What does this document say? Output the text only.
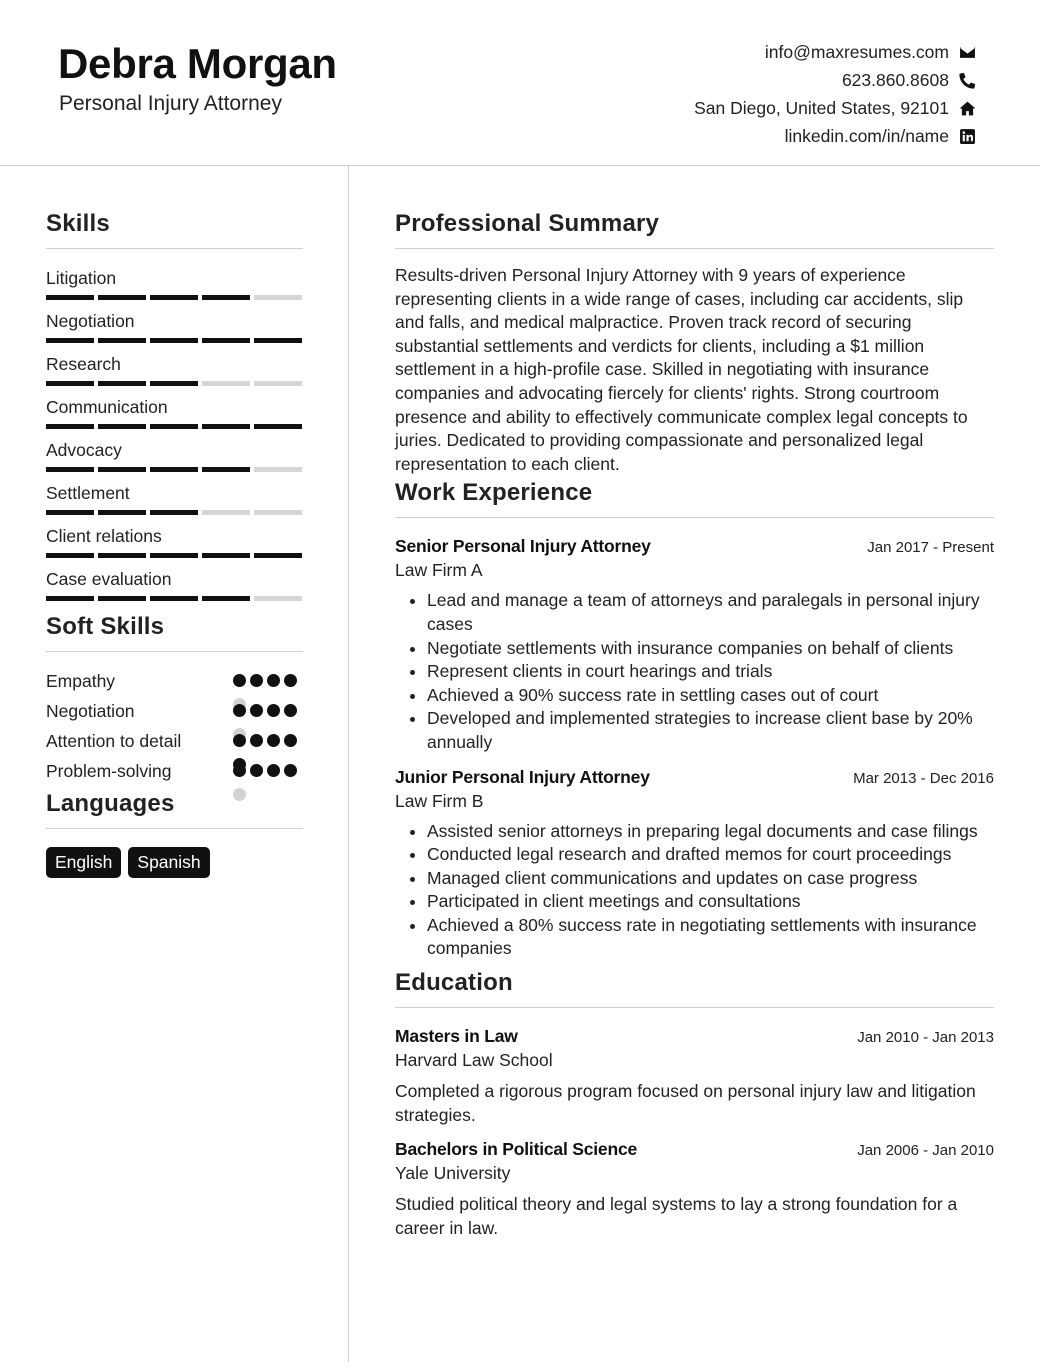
Debra Morgan
Personal Injury Attorney
info@maxresumes.com
623.860.8608
San Diego, United States, 92101
linkedin.com/in/name
Skills
Litigation
Negotiation
Research
Communication
Advocacy
Settlement
Client relations
Case evaluation
Soft Skills
Empathy
Negotiation
Attention to detail
Problem-solving
Languages
English	Spanish
Professional Summary

Results-driven Personal Injury Attorney with 9 years of experience representing clients in a wide range of cases, including car accidents, slip and falls, and medical malpractice. Proven track record of securing substantial settlements and verdicts for clients, including a $1 million settlement in a high-profile case. Skilled in negotiating with insurance companies and advocating fiercely for clients' rights. Strong courtroom presence and ability to effectively communicate complex legal concepts to juries. Dedicated to providing compassionate and personalized legal representation to each client.

Work Experience
Senior Personal Injury Attorney	Jan 2017 - Present
Law Firm A
• Lead and manage a team of attorneys and paralegals in personal injury cases
• Negotiate settlements with insurance companies on behalf of clients
• Represent clients in court hearings and trials
• Achieved a 90% success rate in settling cases out of court
• Developed and implemented strategies to increase client base by 20% annually
Junior Personal Injury Attorney	Mar 2013 - Dec 2016
Law Firm B
• Assisted senior attorneys in preparing legal documents and case filings
• Conducted legal research and drafted memos for court proceedings
• Managed client communications and updates on case progress
• Participated in client meetings and consultations
• Achieved a 80% success rate in negotiating settlements with insurance companies
Education
Masters in Law	Jan 2010 - Jan 2013
Harvard Law School

Completed a rigorous program focused on personal injury law and litigation strategies.

Bachelors in Political Science	Jan 2006 - Jan 2010
Yale University

Studied political theory and legal systems to lay a strong foundation for a career in law.
